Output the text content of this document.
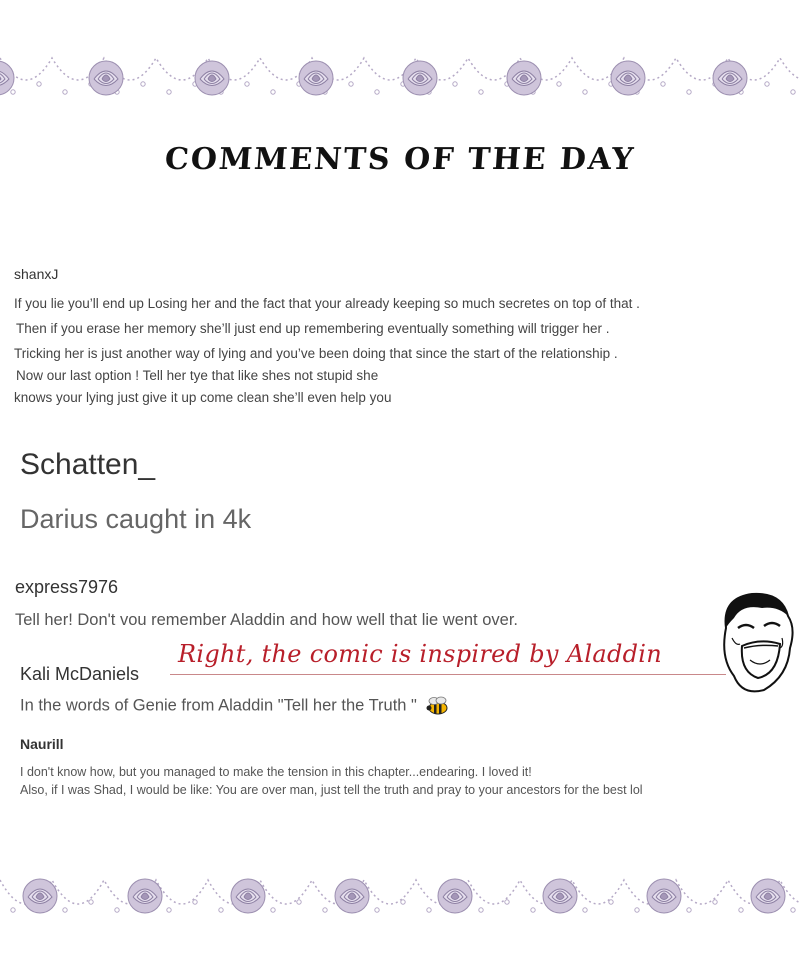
COMMENTS OF THE DAY
shanxJ
If you lie you’ll end up Losing her and the fact that your already keeping so much secretes on top of that .
Then if you erase her memory she’ll just end up remembering eventually something will trigger her .
Tricking her is just another way of lying and you’ve been doing that since the start of the relationship .
Now our last option ! Tell her tye that like shes not stupid she
knows your lying just give it up come clean she’ll even help you
Schatten_
Darius caught in 4k
express7976
Tell her! Don't vou remember Aladdin and how well that lie went over.
Right, the comic is inspired by Aladdin
Kali McDaniels
In the words of Genie from Aladdin "Tell her the Truth "
Naurill
I don't know how, but you managed to make the tension in this chapter...endearing. I loved it!
Also, if I was Shad, I would be like: You are over man, just tell the truth and pray to your ancestors for the best lol
